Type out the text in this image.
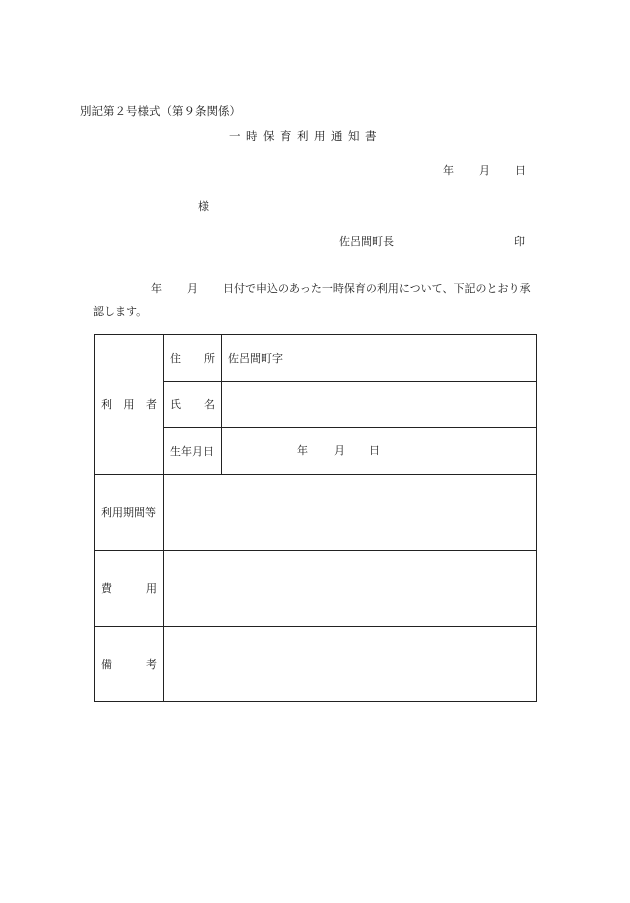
別記第２号様式（第９条関係）
一 時 保 育 利 用 通 知 書
年 月 日
様
佐呂間町長	印
年 月 日付で申込のあった一時保育の利用について、下記のとおり承
認します。
利 用 者	住 所	佐呂間町字

	氏 名	

	生年月日	年 月 日

利用期間等		

費 用		

備 考		
